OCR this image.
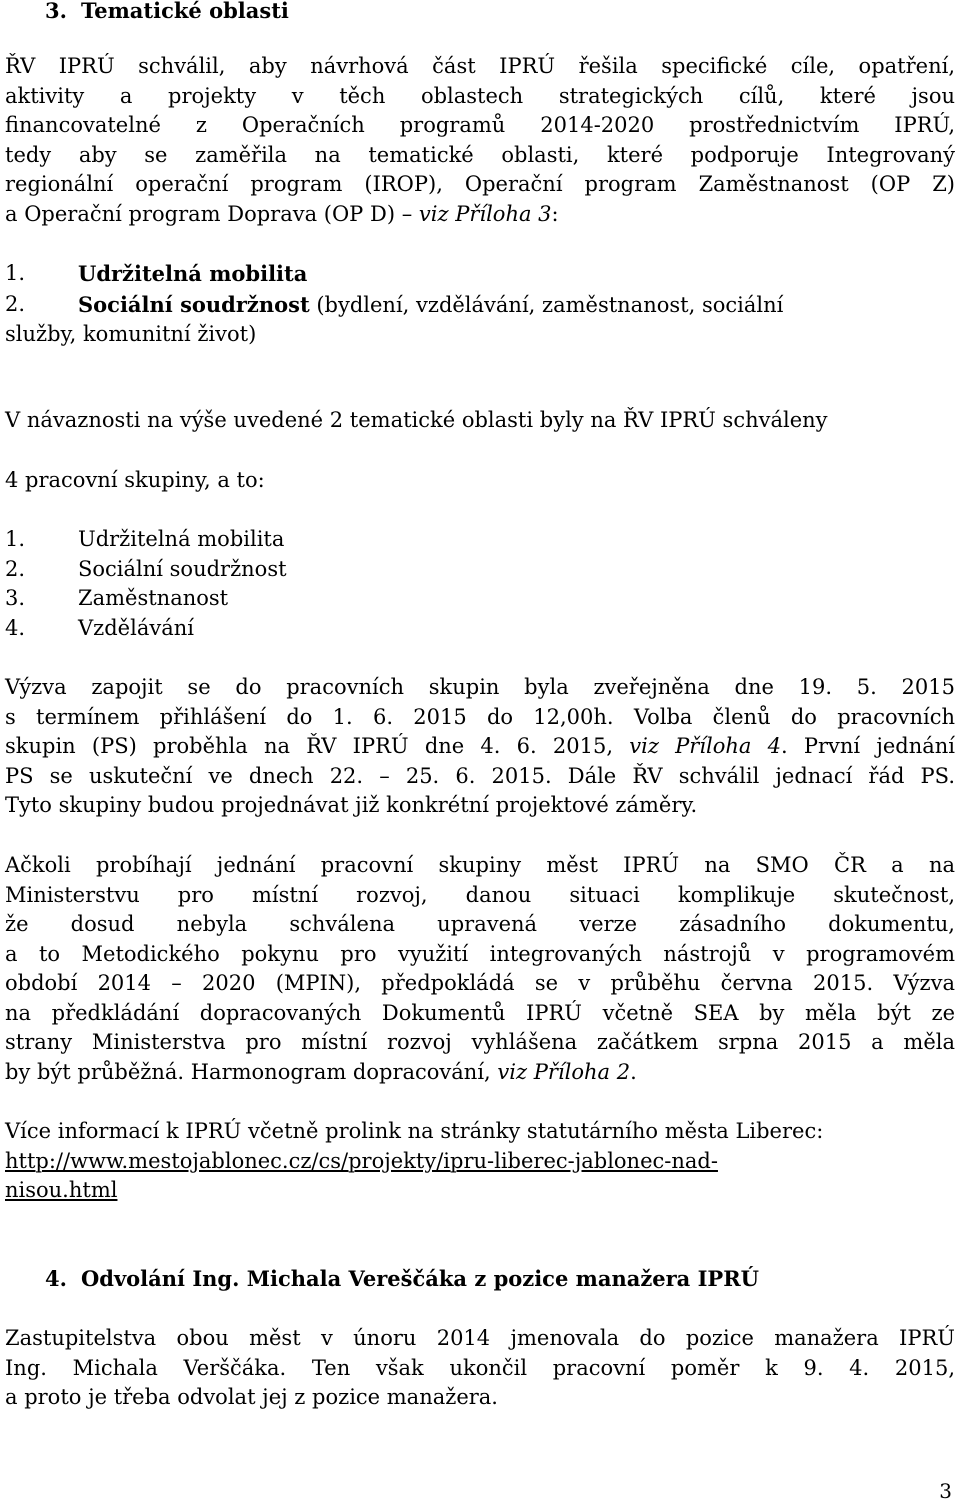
3. Tematické oblasti

ŘV IPRÚ schválil, aby návrhová část IPRÚ řešila specifické cíle, opatření,

aktivity a projekty v těch oblastech strategických cílů, které jsou

financovatelné z Operačních programů 2014-2020 prostřednictvím IPRÚ,

tedy aby se zaměřila na tematické oblasti, které podporuje Integrovaný

regionální operační program (IROP), Operační program Zaměstnanost (OP Z)

a Operační program Doprava (OP D) – viz Příloha 3:

1.	Udržitelná mobilita
2.	Sociální soudržnost (bydlení, vzdělávání, zaměstnanost, sociální

služby, komunitní život)

V návaznosti na výše uvedené 2 tematické oblasti byly na ŘV IPRÚ schváleny

4 pracovní skupiny, a to:

1.	Udržitelná mobilita
2.	Sociální soudržnost
3.	Zaměstnanost
4.	Vzdělávání

Výzva zapojit se do pracovních skupin byla zveřejněna dne 19. 5. 2015

s termínem přihlášení do 1. 6. 2015 do 12,00h. Volba členů do pracovních

skupin (PS) proběhla na ŘV IPRÚ dne 4. 6. 2015, viz Příloha 4. První jednání

PS se uskuteční ve dnech 22. – 25. 6. 2015. Dále ŘV schválil jednací řád PS.

Tyto skupiny budou projednávat již konkrétní projektové záměry.

Ačkoli probíhají jednání pracovní skupiny měst IPRÚ na SMO ČR a na

Ministerstvu pro místní rozvoj, danou situaci komplikuje skutečnost,

že dosud nebyla schválena upravená verze zásadního dokumentu,

a to Metodického pokynu pro využití integrovaných nástrojů v programovém

období 2014 – 2020 (MPIN), předpokládá se v průběhu června 2015. Výzva

na předkládání dopracovaných Dokumentů IPRÚ včetně SEA by měla být ze

strany Ministerstva pro místní rozvoj vyhlášena začátkem srpna 2015 a měla

by být průběžná. Harmonogram dopracování, viz Příloha 2.

Více informací k IPRÚ včetně prolink na stránky statutárního města Liberec:

http://www.mestojablonec.cz/cs/projekty/ipru-liberec-jablonec-nad-

nisou.html

4. Odvolání Ing. Michala Vereščáka z pozice manažera IPRÚ

Zastupitelstva obou měst v únoru 2014 jmenovala do pozice manažera IPRÚ

Ing. Michala Verščáka. Ten však ukončil pracovní poměr k 9. 4. 2015,

a proto je třeba odvolat jej z pozice manažera.

3
